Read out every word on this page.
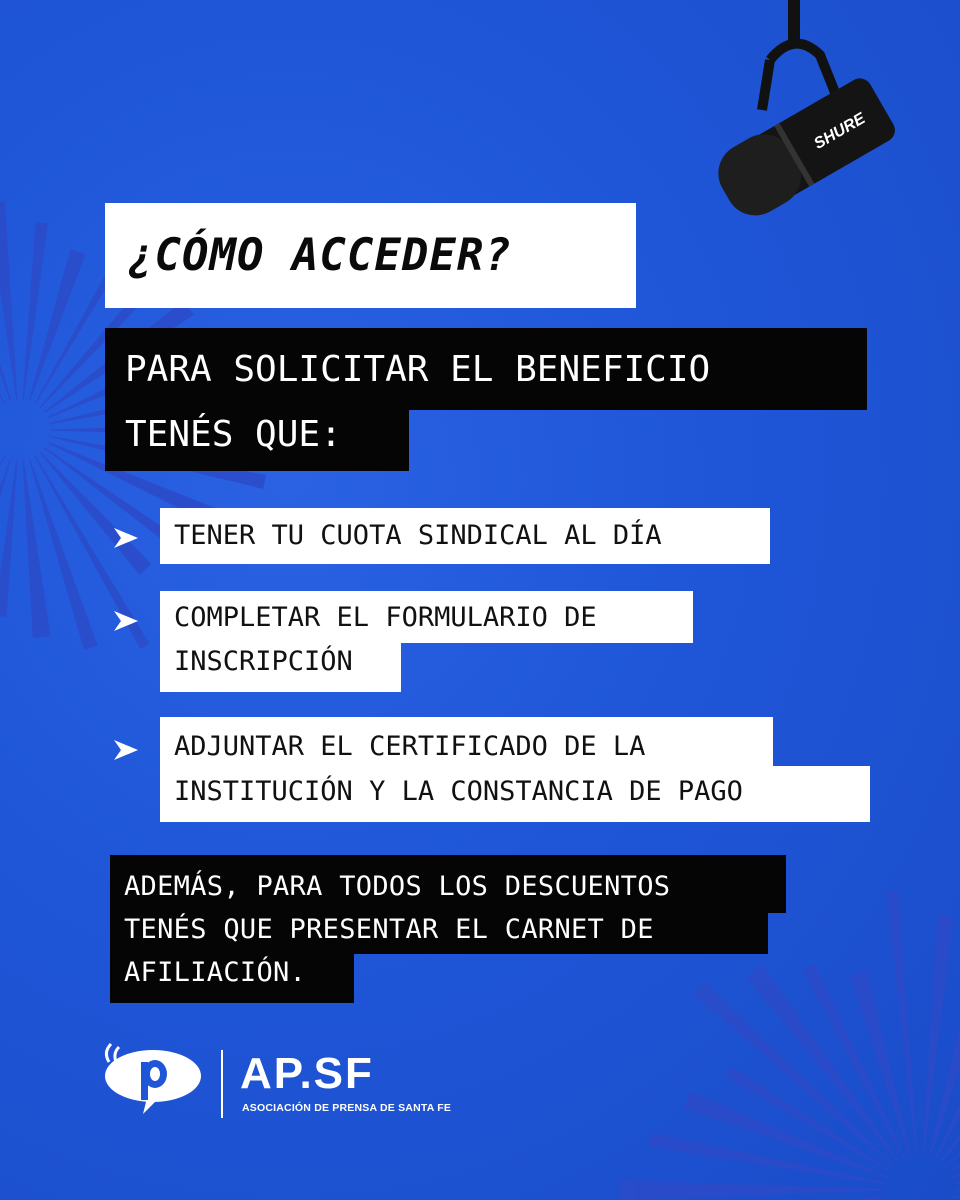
SHURE
¿CÓMO ACCEDER?
PARA SOLICITAR EL BENEFICIO
TENÉS QUE:
TENER TU CUOTA SINDICAL AL DÍA
COMPLETAR EL FORMULARIO DE
INSCRIPCIÓN
ADJUNTAR EL CERTIFICADO DE LA
INSTITUCIÓN Y LA CONSTANCIA DE PAGO
ADEMÁS, PARA TODOS LOS DESCUENTOS
TENÉS QUE PRESENTAR EL CARNET DE
AFILIACIÓN.
AP.SF
ASOCIACIÓN DE PRENSA DE SANTA FE
